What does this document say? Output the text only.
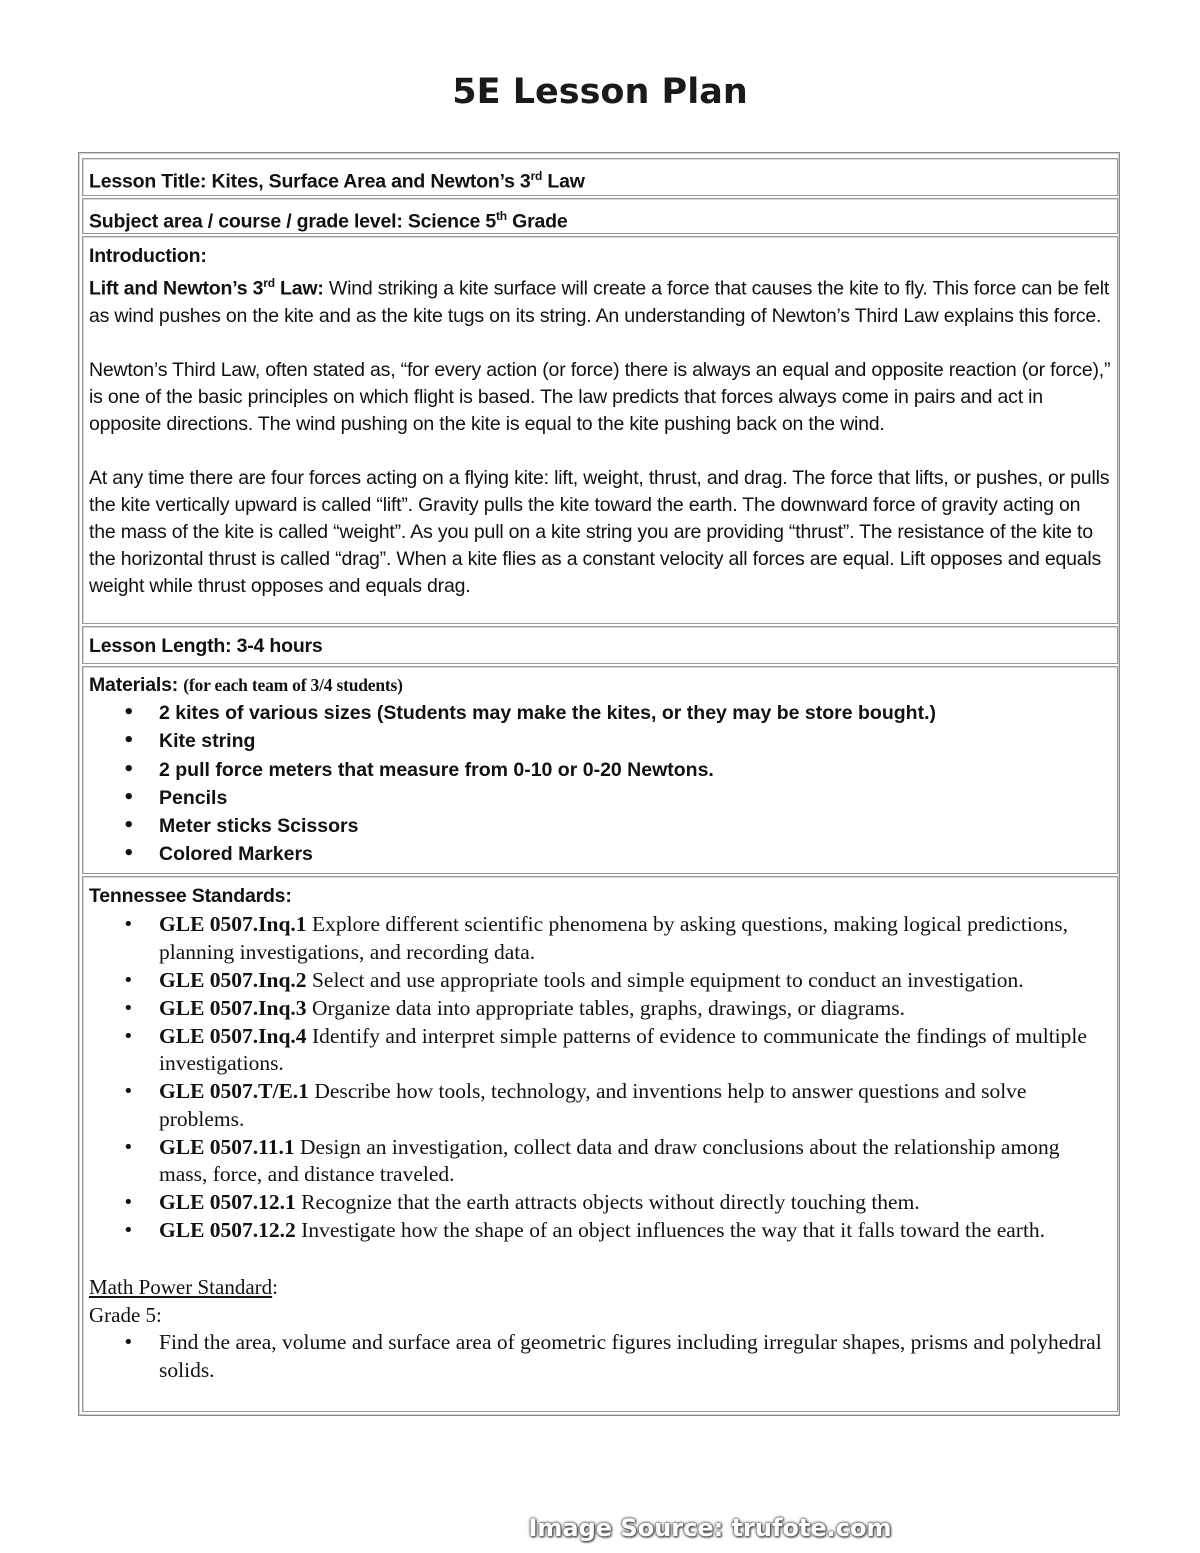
5E Lesson Plan
Lesson Title: Kites, Surface Area and Newton’s 3rd Law
Subject area / course / grade level: Science 5th Grade

Introduction:

Lift and Newton’s 3rd Law: Wind striking a kite surface will create a force that causes the kite to fly. This force can be felt as wind pushes on the kite and as the kite tugs on its string. An understanding of Newton’s Third Law explains this force.

Newton’s Third Law, often stated as, “for every action (or force) there is always an equal and opposite reaction (or force),” is one of the basic principles on which flight is based. The law predicts that forces always come in pairs and act in opposite directions. The wind pushing on the kite is equal to the kite pushing back on the wind.

At any time there are four forces acting on a flying kite: lift, weight, thrust, and drag. The force that lifts, or pushes, or pulls the kite vertically upward is called “lift”. Gravity pulls the kite toward the earth. The downward force of gravity acting on the mass of the kite is called “weight”. As you pull on a kite string you are providing “thrust”. The resistance of the kite to the horizontal thrust is called “drag”. When a kite flies as a constant velocity all forces are equal. Lift opposes and equals weight while thrust opposes and equals drag.

Lesson Length: 3-4 hours

Materials: (for each team of 3/4 students)

• 2 kites of various sizes (Students may make the kites, or they may be store bought.)
• Kite string
• 2 pull force meters that measure from 0-10 or 0-20 Newtons.
• Pencils
• Meter sticks Scissors
• Colored Markers

Tennessee Standards:

• GLE 0507.Inq.1 Explore different scientific phenomena by asking questions, making logical predictions, planning investigations, and recording data.
• GLE 0507.Inq.2 Select and use appropriate tools and simple equipment to conduct an investigation.
• GLE 0507.Inq.3 Organize data into appropriate tables, graphs, drawings, or diagrams.
• GLE 0507.Inq.4 Identify and interpret simple patterns of evidence to communicate the findings of multiple investigations.
• GLE 0507.T/E.1 Describe how tools, technology, and inventions help to answer questions and solve problems.
• GLE 0507.11.1 Design an investigation, collect data and draw conclusions about the relationship among mass, force, and distance traveled.
• GLE 0507.12.1 Recognize that the earth attracts objects without directly touching them.
• GLE 0507.12.2 Investigate how the shape of an object influences the way that it falls toward the earth.

Math Power Standard:

Grade 5:

• Find the area, volume and surface area of geometric figures including irregular shapes, prisms and polyhedral solids.
Image Source: trufote.com
